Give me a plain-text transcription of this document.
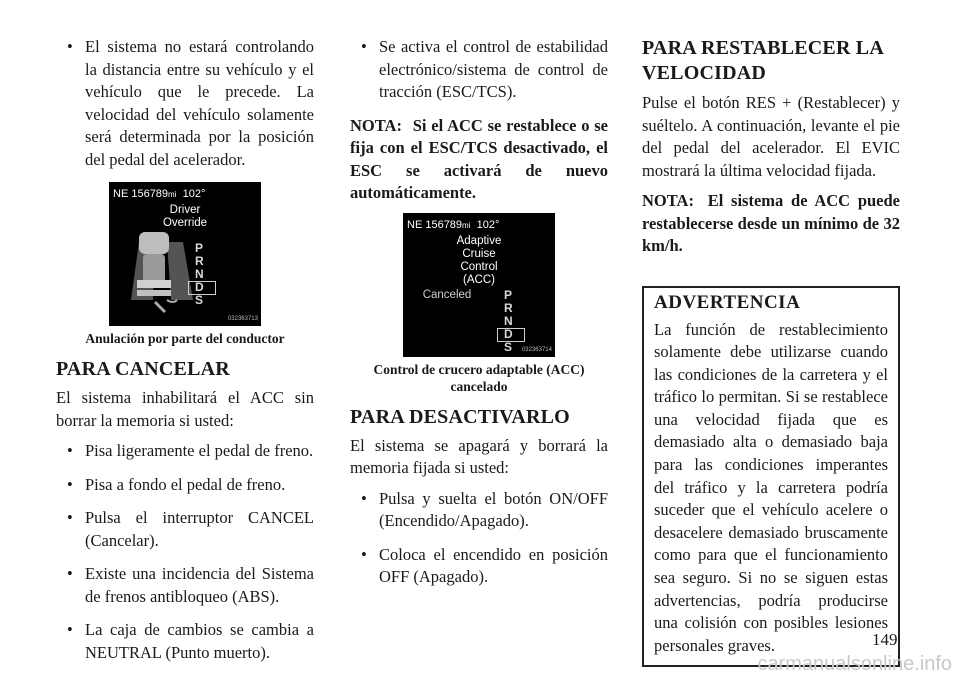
• El sistema no estará controlando la distancia entre su vehículo y el vehículo que le precede. La velocidad del vehículo solamente será determinada por la posición del pedal del acelerador.
NE 156789mi 102°
Driver
Override
P
R
N
D
S
032363713
Anulación por parte del conductor
PARA CANCELAR

El sistema inhabilitará el ACC sin borrar la memoria si usted:

• Pisa ligeramente el pedal de freno.
• Pisa a fondo el pedal de freno.
• Pulsa el interruptor CANCEL (Cancelar).
• Existe una incidencia del Sistema de frenos antibloqueo (ABS).
• La caja de cambios se cambia a NEUTRAL (Punto muerto).
• Se activa el control de estabilidad electrónico/sistema de control de tracción (ESC/TCS).

NOTA: Si el ACC se restablece o se fija con el ESC/TCS desactivado, el ESC se activará de nuevo automáticamente.

NE 156789mi 102°
Adaptive
Cruise
Control
(ACC)
Canceled	P
R
N
D
S 032363714
Control de crucero adaptable (ACC) cancelado
PARA DESACTIVARLO

El sistema se apagará y borrará la memoria fijada si usted:

• Pulsa y suelta el botón ON/OFF (Encendido/Apagado).
• Coloca el encendido en posición OFF (Apagado).
PARA RESTABLECER LA VELOCIDAD

Pulse el botón RES + (Restablecer) y suéltelo. A continuación, levante el pie del pedal del acelerador. El EVIC mostrará la última velocidad fijada.

NOTA: El sistema de ACC puede restablecerse desde un mínimo de 32 km/h.

ADVERTENCIA

La función de restablecimiento solamente debe utilizarse cuando las condiciones de la carretera y el tráfico lo permitan. Si se restablece una velocidad fijada que es demasiado alta o demasiado baja para las condiciones imperantes del tráfico y la carretera podría suceder que el vehículo acelere o desacelere demasiado bruscamente como para que el funcionamiento sea seguro. Si no se siguen estas advertencias, podría producirse una colisión con posibles lesiones personales graves.	149
carmanualsonline.info
